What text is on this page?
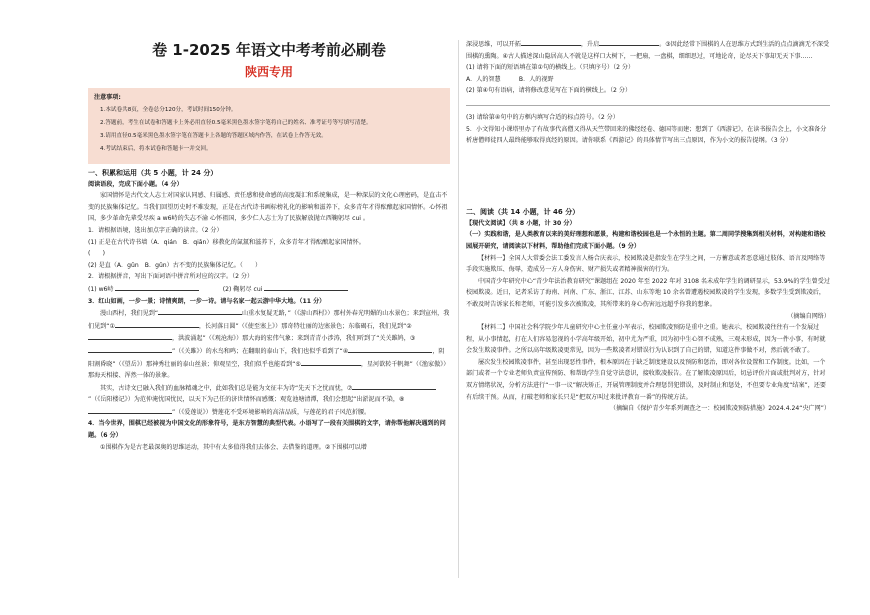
卷 1-2025 年语文中考考前必刷卷
陕西专用
注意事项:
1.本试卷共8页，全卷总分120分，考试时间150分钟。
2.答题前，考生在试卷和答题卡上务必用直径0.5毫米黑色墨水签字笔将自己的姓名、准考证号等写填写清楚。
3.请用直径0.5毫米黑色墨水签字笔在答题卡上各题的答题区域内作答，在试卷上作答无效。
4.考试结束后，将本试卷和答题卡一并交回。
一、积累和运用（共 5 小题，计 24 分）

阅读语段，完成下面小题。（4 分）

家国情怀是古代文人志士对国家认同感、归属感、责任感和使命感的高度凝汇和系统集成，是一种深层的文化心理密码，是直击不变的民族集体记忆。当我们回望历史时不难发现，正是在古代诗书画标榜礼化的影响和滋养下，众多青年才得酝酿起家国情怀。心怀祖国，多少革命先辈受尽疾 a w6峙的失志不渝 心怀祖国，多少仁人志士为了民族解放抛立西鞠躬尽 cui 。

1．请根据语境，选出加点字正确的读音。（2 分）

(1) 正是在古代诗书墙（A．qián　B．qiǎn）移教化的氤氲和滋养下，众多青年才得酝酿起家国情怀。

(　　)

(2) 是直（A．gǔn　B．gǔn）古不变的民族集体记忆。（　　）

2．请根据拼音，写出下面词语中拼音所对应的汉字。（2 分）

(1) w6峙	(2) 鞠躬尽 cui

3．红山如画，一步一景；诗情爽朗，一步一诗。请与名家一起云游中华大地。（11 分）

漫山西村，我们见到“	山重水复疑无路，”（《游山西村》）那村外春光明媚的山水景色；来到宣州，我们见到“①	，长河落日圆”（《使至塞上》）那奇特壮丽的边塞景色；东临碣石，我们见到“②，洪波涌起”（《观沧海》）那大海的宏伟气象；来到青青小涉涛，我们听到了“关关雎鸠，③”（《关雎》）的水鸟和鸣；在翻眼的泰山下，我们也似乎看到了“④	，阴阳割昏晓”（《望岳》）那神秀壮丽的泰山丝景；仰观星空，我们似乎也能看到“⑤	，星河欲转千帆舞”（《渔家傲》）那海天相接、浑然一体的景象。

其实，古诗文已融入我们的血脉精魂之中，此如我们总是能为文征丰为诗“先天下之忧而忧，⑦”（《岳阳楼记》）为范仲淹忧国忧民，以天下为己任的济世情怀而感慨；观览池塘清潭，我们会想起“出淤泥而不染，⑧”（《爱莲说》）赞莲花不受环境影响的高洁品质，与莲花的君子风范折腰。

4．当今世界，围棋已经被视为中国文化的形象符号，是东方智慧的典型代表。小语写了一段有关围棋的文字，请你帮他解决遇到的问题。（6 分）

①围棋作为是古老最深奥的思维运动，其中有太多值得我们去体会、去借鉴的道理。②下围棋可以增

深浸思维，可以开拓	，升启	。③因此经常下围棋的人在思维方式到生活的点点滴滴无不深受围棋的熏陶。④古人描述深山隐居高人不就是这样口大树下，一把扇，一盘棋，细细思过，可地论奇，论尽天下事却无天下事……

(1) 请将下面的短语填在第①句的横线上。（只填序号）（2 分）

A．人的智慧　　　B．人的视野

(2) 第④句有语病，请将修改意见写在下面的横线上。（2 分）

(3) 请给第④句中的方框内填写合适的标点符号。（2 分）

5．小文得知小课塔里办了有故事代高僧又得从天竺带回来的佛经经卷、德国等而建；想到了《西游记》，在读书报告会上，小文准备分析唐僧师徒四人最终能够取得真经的原因。请你联系《西游记》的具体情节写出三点原因，作为小文的报告提纲。（3 分）

二、阅读（共 14 小题，计 46 分）

【现代文阅读】（共 8 小题，计 30 分）

（一）实践和谐，是人类教育以来的美好理想和愿景，构建和谐校园也是一个永恒的主题。第二周同学搜集到相关材料，对构建和谐校园展开研究，请阅读以下材料，帮助他们完成下面小题。（9 分）

【材料一】全国人大常委会法工委发言人杨合庆表示，校园欺凌是指发生在学生之间，一方蓄意或者恶意通过肢体、语言及网络等手段实施欺压、侮辱，造成另一方人身伤害、财产损失或者精神损害的行为。

中国青少年研究中心“青少年法治教育研究”课题组在 2020 年至 2022 年对 3108 名未成年学生的调研显示，53.9%的学生曾受过校园欺凌。近日，记者采访了海南、河南、广东、浙江、江苏、山东等地 10 余名曾遭遇校园欺凌的学生发现，多数学生受到欺凌后，不敢及时告诉家长和老师，可能引发多次被欺凌，其所带来的身心伤害远远超乎你我的想象。

（摘编自网络）

【材料二】中国社会科学院少年儿童研究中心主任童小军表示，校园欺凌预防是重中之重。她表示，校园欺凌往往有一个发展过程，从小事情起，打在人们容易忽视的小学高年级开始，初中尤为严重，因为初中生心智不成熟，三观未形成，因为一件小事，有时就会发生欺凌事件。之所以高年级欺凌更常见，因为一些欺凌者对错误行为认识到了自己的错，知道这件事做不对，然后就不敢了。

屡次发生校园欺凌事件，甚至出现恶性事件，根本原因在于缺乏制度建设以及预防和惩治，即对各位设置和工作制度。比如，一个部门或者一个专业老师负责宣传预防、和帮助学生自觉守法意识，接收欺凌报告。在了解欺凌原因后，切忌评价片面或批判对方，针对双方情绪状况，分析方法进行“一事一议”解决矫正，开展管理制度并合理惩罚犯错误，及时制止和惩处，不但要专业角度“结案”，还要有后续干预。从而，打破老师和家长只是“把双方叫过来批评教育一番”的传统方法。

（摘编自《保护青少年系列调查之一：校园欺凌预防措施》2024.4.24“央广网”）
